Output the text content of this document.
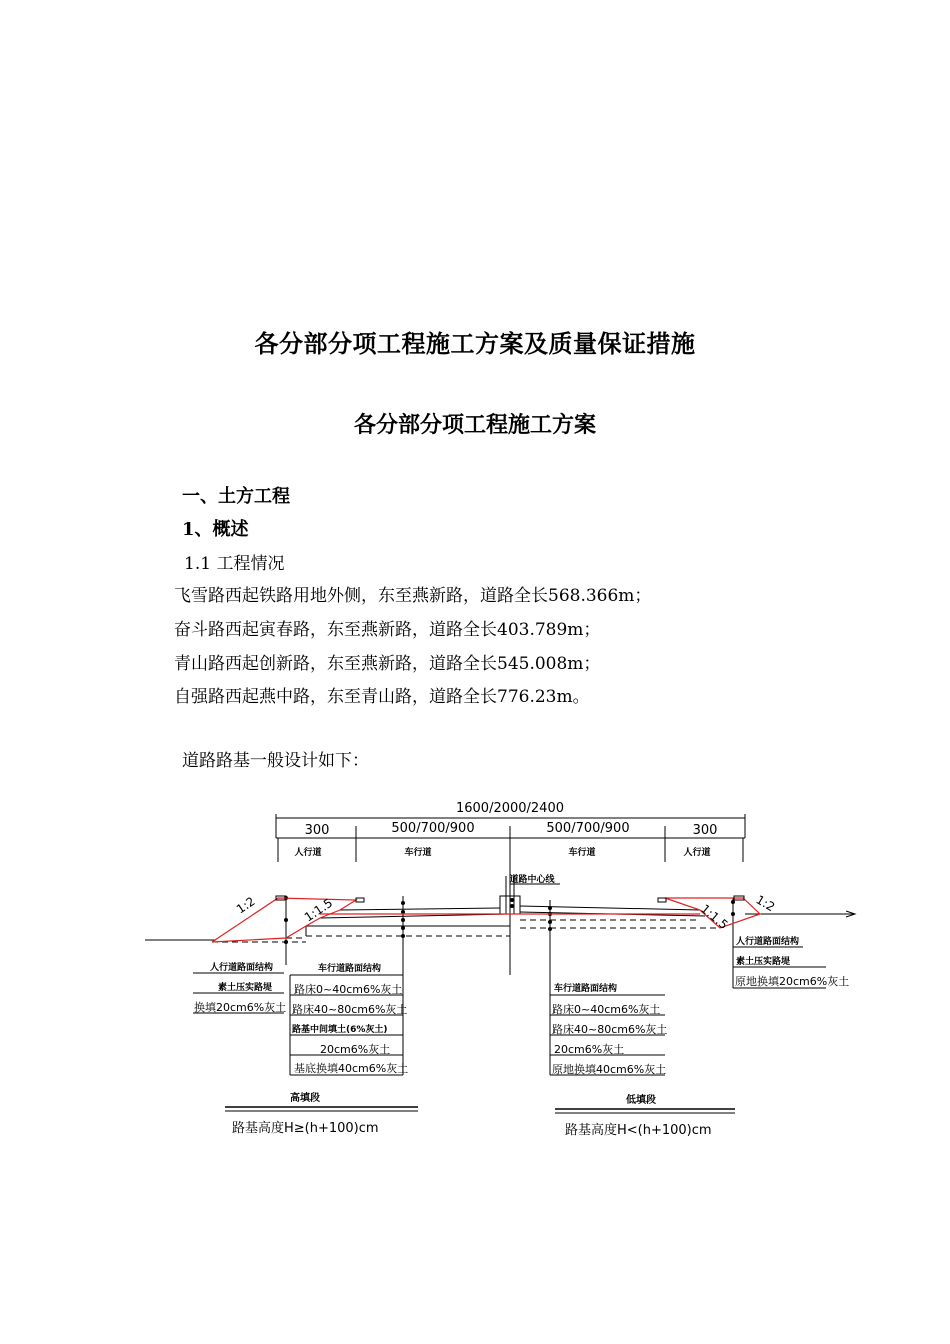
各分部分项工程施工方案及质量保证措施
各分部分项工程施工方案
一、土方工程
1、概述
1.1 工程情况
飞雪路西起铁路用地外侧，东至燕新路，道路全长568.366m；
奋斗路西起寅春路，东至燕新路，道路全长403.789m；
青山路西起创新路，东至燕新路，道路全长545.008m；
自强路西起燕中路，东至青山路，道路全长776.23m。
道路路基一般设计如下：
1600/2000/2400
300	500/700/900	500/700/900	300
人行道	车行道	车行道	人行道
道路中心线
1:2	1:1.5	1:1.5 1:2
人行道路面结构
素土压实路堤
换填20cm6%灰土
车行道路面结构
路床0~40cm6%灰土
路床40~80cm6%灰土
路基中间填土(6%灰土)
20cm6%灰土
基底换填40cm6%灰土
车行道路面结构
路床0~40cm6%灰土
路床40~80cm6%灰土
20cm6%灰土
原地换填40cm6%灰土
人行道路面结构
素土压实路堤
原地换填20cm6%灰土
高填段
路基高度H≥(h+100)cm
低填段
路基高度H<(h+100)cm
